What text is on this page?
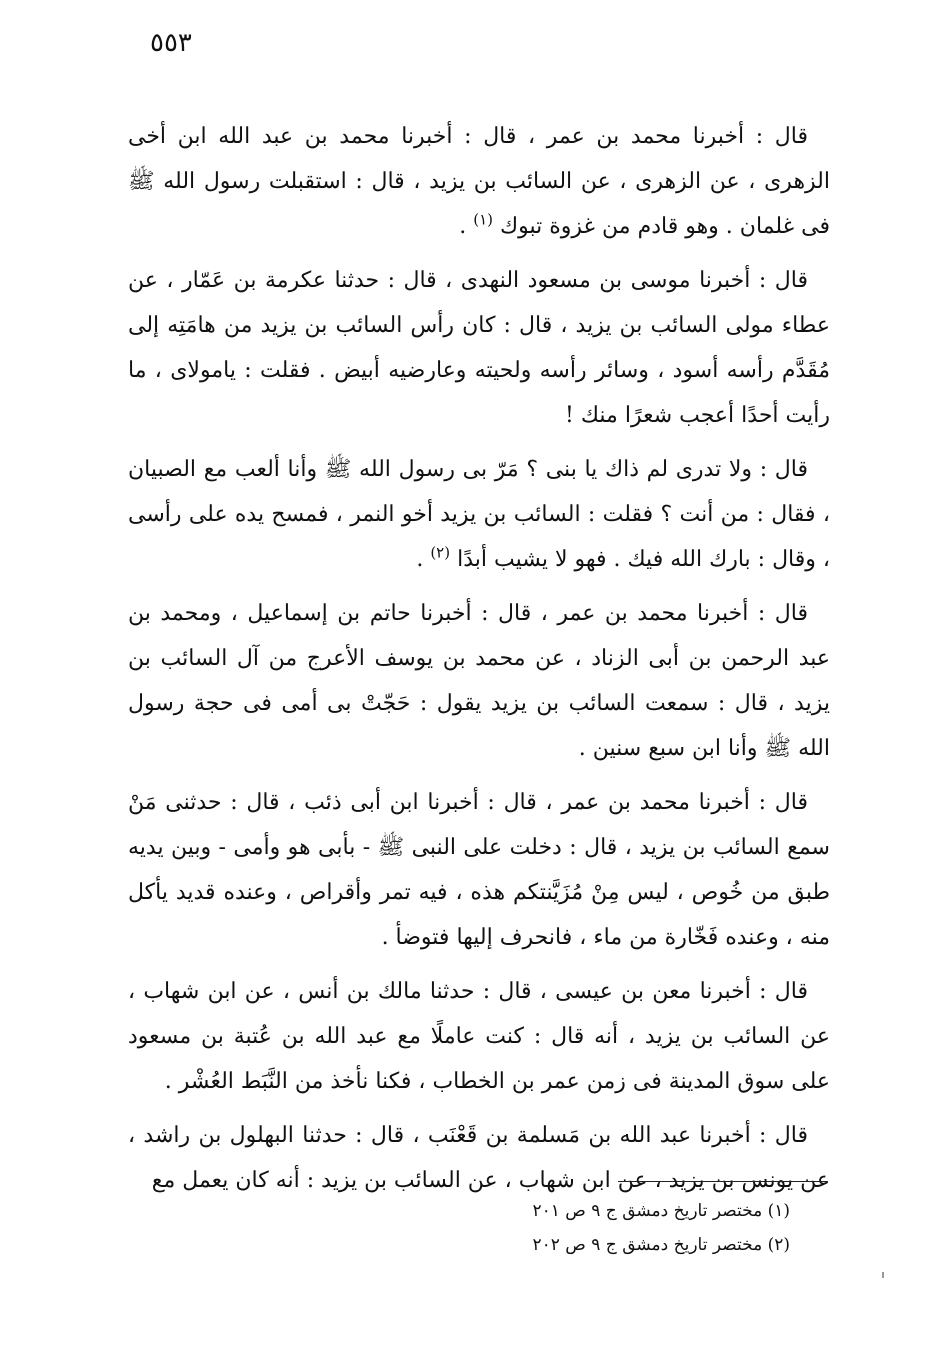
٥٥٣

قال : أخبرنا محمد بن عمر ، قال : أخبرنا محمد بن عبد الله ابن أخى الزهرى ، عن الزهرى ، عن السائب بن يزيد ، قال : استقبلت رسول الله ﷺ فى غلمان . وهو قادم من غزوة تبوك $^{(١)}$ .

قال : أخبرنا موسى بن مسعود النهدى ، قال : حدثنا عكرمة بن عَمّار ، عن عطاء مولى السائب بن يزيد ، قال : كان رأس السائب بن يزيد من هامَتِه إلى مُقَدَّم رأسه أسود ، وسائر رأسه ولحيته وعارضيه أبيض . فقلت : يامولاى ، ما رأيت أحدًا أعجب شعرًا منك !

قال : ولا تدرى لم ذاك يا بنى ؟ مَرّ بى رسول الله ﷺ وأنا ألعب مع الصبيان ، فقال : من أنت ؟ فقلت : السائب بن يزيد أخو النمر ، فمسح يده على رأسى ، وقال : بارك الله فيك . فهو لا يشيب أبدًا $^{(٢)}$ .

قال : أخبرنا محمد بن عمر ، قال : أخبرنا حاتم بن إسماعيل ، ومحمد بن عبد الرحمن بن أبى الزناد ، عن محمد بن يوسف الأعرج من آل السائب بن يزيد ، قال : سمعت السائب بن يزيد يقول : حَجّتْ بى أمى فى حجة رسول الله ﷺ وأنا ابن سبع سنين .

قال : أخبرنا محمد بن عمر ، قال : أخبرنا ابن أبى ذئب ، قال : حدثنى مَنْ سمع السائب بن يزيد ، قال : دخلت على النبى ﷺ - بأبى هو وأمى - وبين يديه طبق من خُوص ، ليس مِنْ مُزَيَّنتكم هذه ، فيه تمر وأقراص ، وعنده قديد يأكل منه ، وعنده فَخّارة من ماء ، فانحرف إليها فتوضأ .

قال : أخبرنا معن بن عيسى ، قال : حدثنا مالك بن أنس ، عن ابن شهاب ، عن السائب بن يزيد ، أنه قال : كنت عاملًا مع عبد الله بن عُتبة بن مسعود على سوق المدينة فى زمن عمر بن الخطاب ، فكنا نأخذ من النَّبَط العُشْر .

قال : أخبرنا عبد الله بن مَسلمة بن قَعْنَب ، قال : حدثنا البهلول بن راشد ، عن يونس بن يزيد ، عن ابن شهاب ، عن السائب بن يزيد : أنه كان يعمل مع

(١) مختصر تاريخ دمشق ج ٩ ص ٢٠١

(٢) مختصر تاريخ دمشق ج ٩ ص ٢٠٢
